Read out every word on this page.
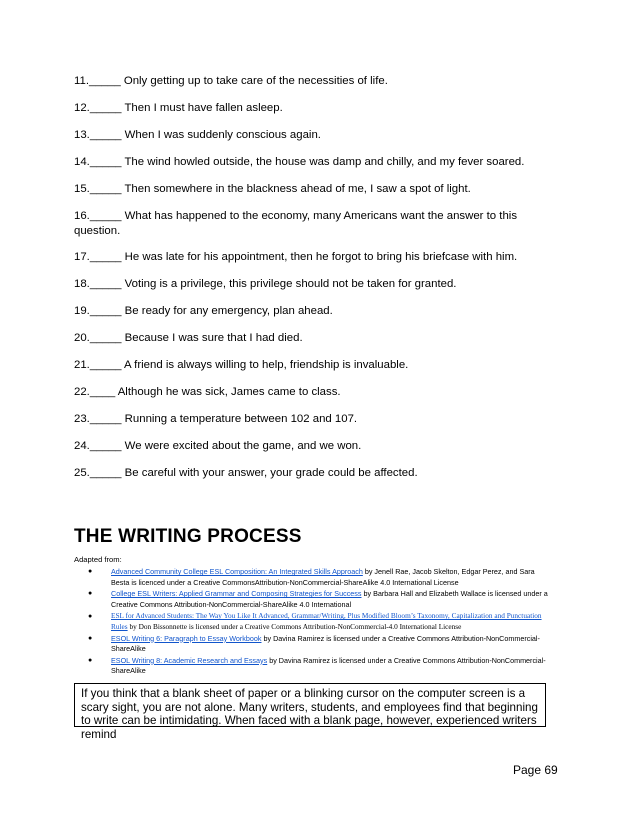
11._____ Only getting up to take care of the necessities of life.
12._____ Then I must have fallen asleep.
13._____ When I was suddenly conscious again.
14._____ The wind howled outside, the house was damp and chilly, and my fever soared.
15._____ Then somewhere in the blackness ahead of me, I saw a spot of light.
16._____ What has happened to the economy, many Americans want the answer to this question.
17._____ He was late for his appointment, then he forgot to bring his briefcase with him.
18._____ Voting is a privilege, this privilege should not be taken for granted.
19._____ Be ready for any emergency, plan ahead.
20._____ Because I was sure that I had died.
21._____ A friend is always willing to help, friendship is invaluable.
22.____ Although he was sick, James came to class.
23._____ Running a temperature between 102 and 107.
24._____ We were excited about the game, and we won.
25._____ Be careful with your answer, your grade could be affected.
THE WRITING PROCESS
Adapted from:
●	Advanced Community College ESL Composition: An Integrated Skills Approach by Jenell Rae, Jacob Skelton, Edgar Perez, and Sara Besta is licenced under a Creative CommonsAttribution-NonCommercial-ShareAlike 4.0 International License
●	College ESL Writers: Applied Grammar and Composing Strategies for Success by Barbara Hall and Elizabeth Wallace is licensed under a Creative Commons Attribution-NonCommercial-ShareAlike 4.0 International
●	ESL for Advanced Students: The Way You Like It Advanced, Grammar/Writing, Plus Modified Bloom’s Taxonomy, Capitalization and Punctuation Rules by Don Bissonnette is licensed under a Creative Commons Attribution-NonCommercial-4.0 International License
●	ESOL Writing 6: Paragraph to Essay Workbook by Davina Ramirez is licensed under a Creative Commons Attribution-NonCommercial-ShareAlike
●	ESOL Writing 8: Academic Research and Essays by Davina Ramirez is licensed under a Creative Commons Attribution-NonCommercial-ShareAlike
If you think that a blank sheet of paper or a blinking cursor on the computer screen is a scary sight, you are not alone. Many writers, students, and employees find that beginning to write can be intimidating. When faced with a blank page, however, experienced writers remind
Page 69
